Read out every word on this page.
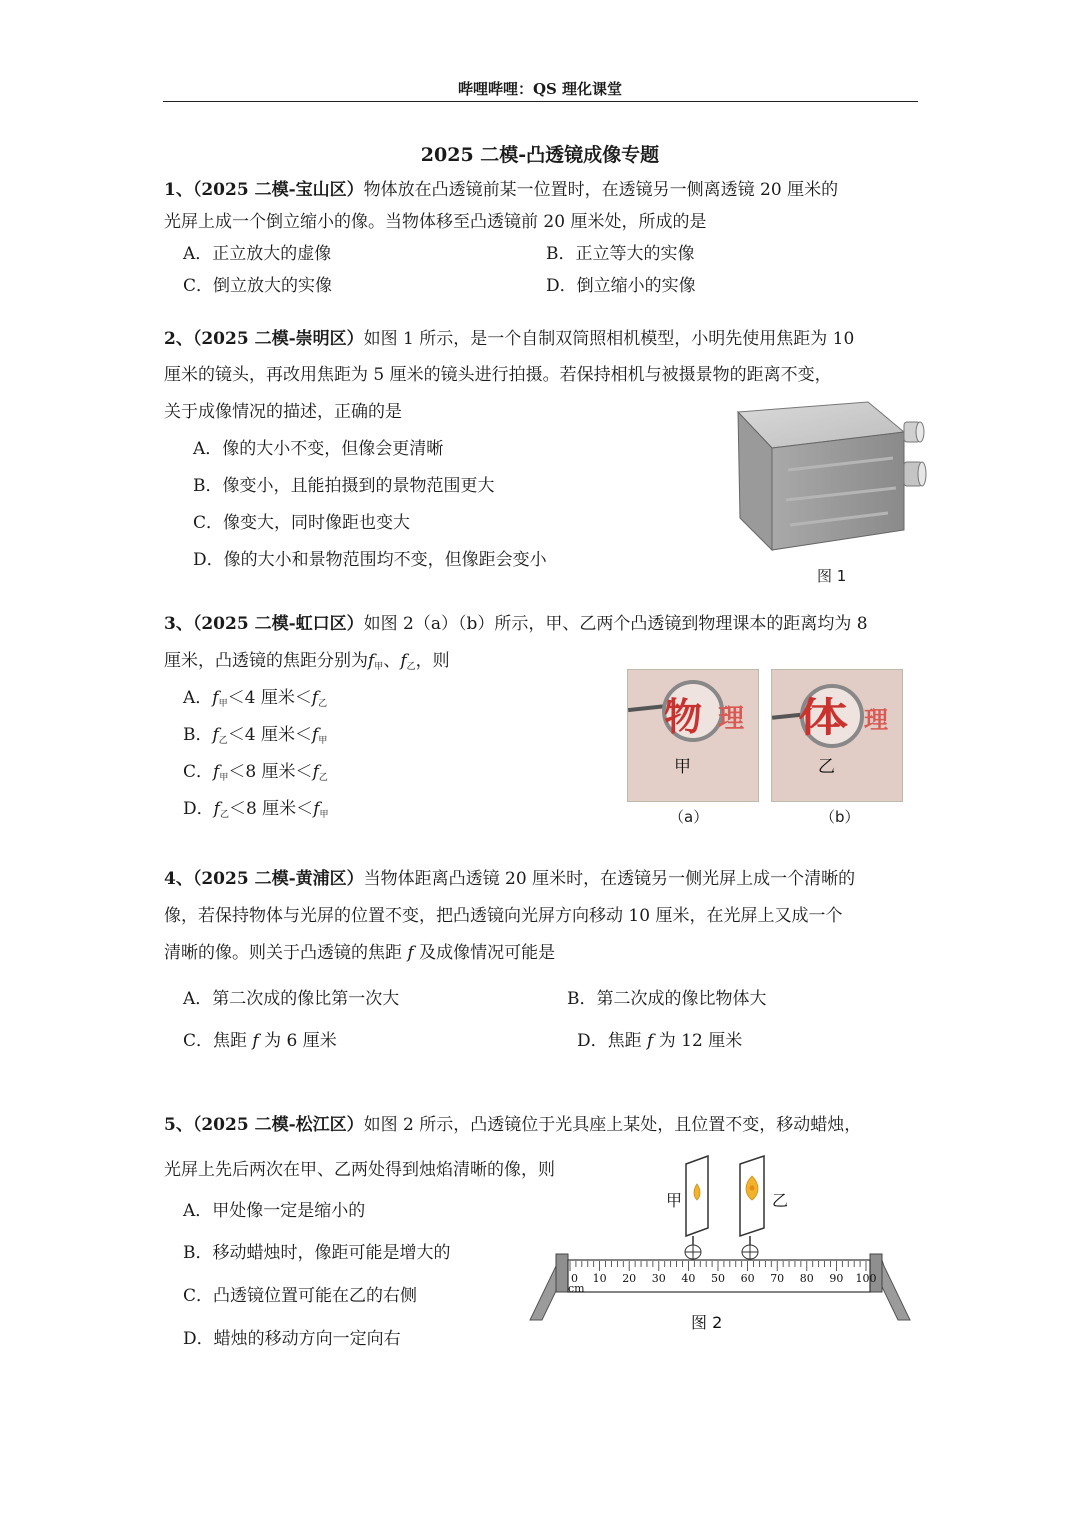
哔哩哔哩：QS 理化课堂
2025 二模-凸透镜成像专题
1、（2025 二模-宝山区）物体放在凸透镜前某一位置时，在透镜另一侧离透镜 20 厘米的
光屏上成一个倒立缩小的像。当物体移至凸透镜前 20 厘米处，所成的是
A．正立放大的虚像	B．正立等大的实像
C．倒立放大的实像	D．倒立缩小的实像
2、（2025 二模-崇明区）如图 1 所示，是一个自制双筒照相机模型，小明先使用焦距为 10
厘米的镜头，再改用焦距为 5 厘米的镜头进行拍摄。若保持相机与被摄景物的距离不变，
关于成像情况的描述，正确的是
A．像的大小不变，但像会更清晰
B．像变小，且能拍摄到的景物范围更大
C．像变大，同时像距也变大
D．像的大小和景物范围均不变，但像距会变小
图 1
3、（2025 二模-虹口区）如图 2（a）（b）所示，甲、乙两个凸透镜到物理课本的距离均为 8
厘米，凸透镜的焦距分别为$f_甲$、$f_乙$，则
A．$f_甲<4$ 厘米$<f_乙$
B．$f_乙<4$ 厘米$<f_甲$
C．$f_甲<8$ 厘米$<f_乙$
D．$f_乙<8$ 厘米$<f_甲$
物 理
甲
体 理
乙
（a）	（b）
4、（2025 二模-黄浦区）当物体距离凸透镜 20 厘米时，在透镜另一侧光屏上成一个清晰的
像，若保持物体与光屏的位置不变，把凸透镜向光屏方向移动 10 厘米，在光屏上又成一个
清晰的像。则关于凸透镜的焦距 f 及成像情况可能是
A．第二次成的像比第一次大	B．第二次成的像比物体大
C．焦距 f 为 6 厘米	D．焦距 f 为 12 厘米
5、（2025 二模-松江区）如图 2 所示，凸透镜位于光具座上某处，且位置不变，移动蜡烛，
光屏上先后两次在甲、乙两处得到烛焰清晰的像，则
A．甲处像一定是缩小的
B．移动蜡烛时，像距可能是增大的
C．凸透镜位置可能在乙的右侧
D．蜡烛的移动方向一定向右
0 10 20 30 40 50 60 70 80 90 100
cm
甲	乙
图 2
